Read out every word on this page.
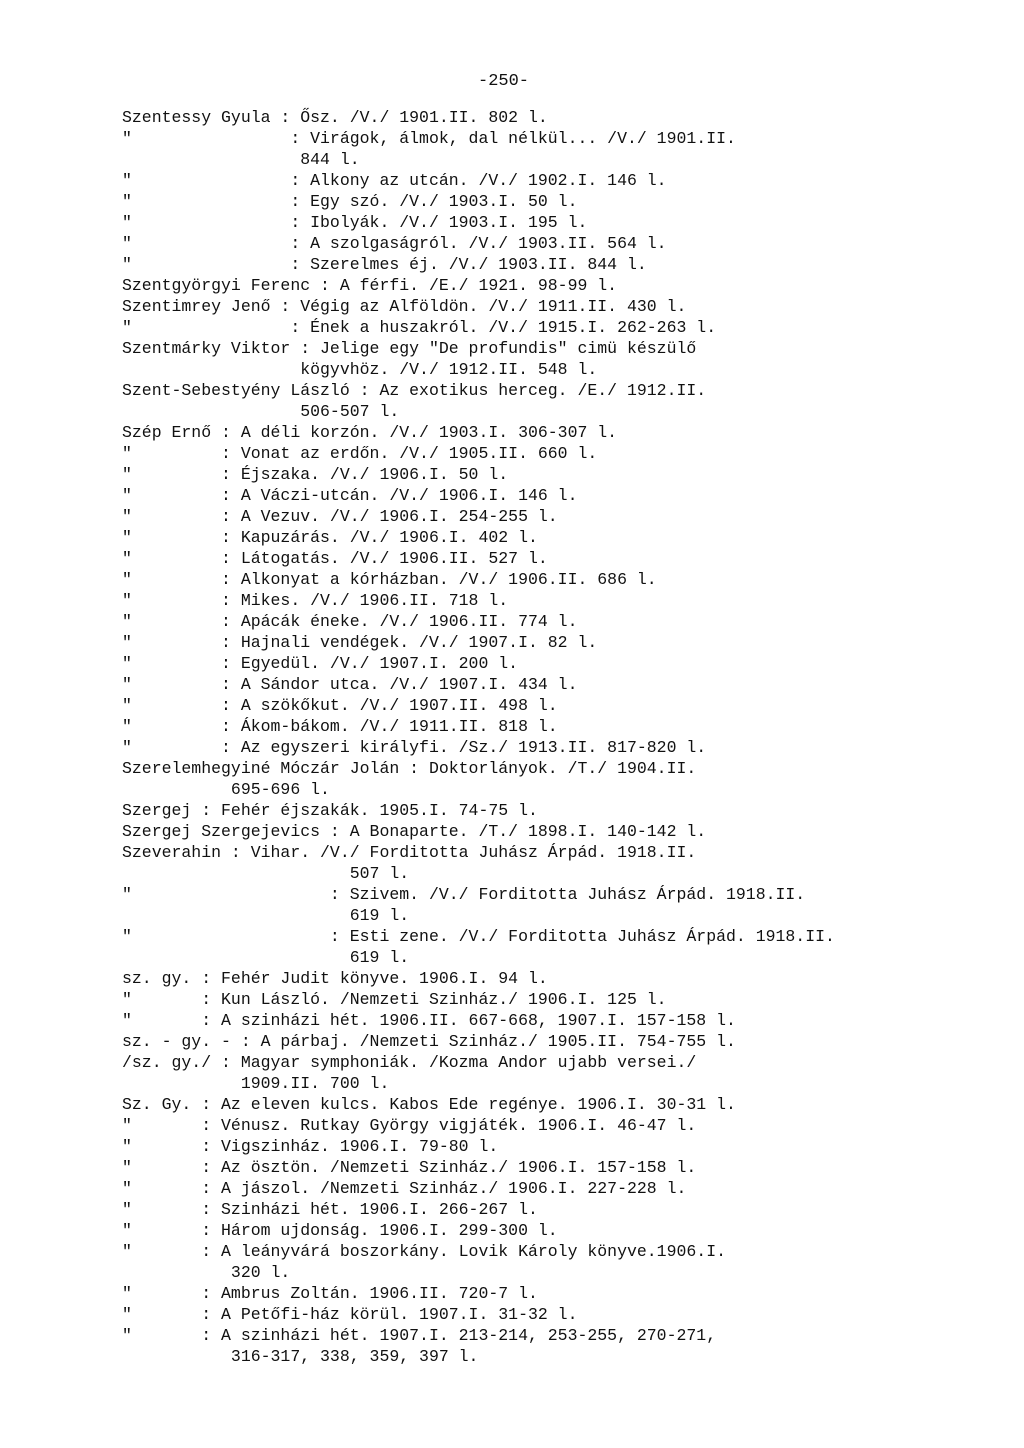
-250-
Szentessy Gyula : Ősz. /V./ 1901.II. 802 l.
"                : Virágok, álmok, dal nélkül... /V./ 1901.II.
844 l.
"                : Alkony az utcán. /V./ 1902.I. 146 l.
"                : Egy szó. /V./ 1903.I. 50 l.
"                : Ibolyák. /V./ 1903.I. 195 l.
"                : A szolgaságról. /V./ 1903.II. 564 l.
"                : Szerelmes éj. /V./ 1903.II. 844 l.
Szentgyörgyi Ferenc : A férfi. /E./ 1921. 98-99 l.
Szentimrey Jenő : Végig az Alföldön. /V./ 1911.II. 430 l.
"                : Ének a huszakról. /V./ 1915.I. 262-263 l.
Szentmárky Viktor : Jelige egy "De profundis" cimü készülő
kögyvhöz. /V./ 1912.II. 548 l.
Szent-Sebestyény László : Az exotikus herceg. /E./ 1912.II.
506-507 l.
Szép Ernő : A déli korzón. /V./ 1903.I. 306-307 l.
"         : Vonat az erdőn. /V./ 1905.II. 660 l.
"         : Éjszaka. /V./ 1906.I. 50 l.
"         : A Váczi-utcán. /V./ 1906.I. 146 l.
"         : A Vezuv. /V./ 1906.I. 254-255 l.
"         : Kapuzárás. /V./ 1906.I. 402 l.
"         : Látogatás. /V./ 1906.II. 527 l.
"         : Alkonyat a kórházban. /V./ 1906.II. 686 l.
"         : Mikes. /V./ 1906.II. 718 l.
"         : Apácák éneke. /V./ 1906.II. 774 l.
"         : Hajnali vendégek. /V./ 1907.I. 82 l.
"         : Egyedül. /V./ 1907.I. 200 l.
"         : A Sándor utca. /V./ 1907.I. 434 l.
"         : A szökőkut. /V./ 1907.II. 498 l.
"         : Ákom-bákom. /V./ 1911.II. 818 l.
"         : Az egyszeri királyfi. /Sz./ 1913.II. 817-820 l.
Szerelemhegyiné Móczár Jolán : Doktorlányok. /T./ 1904.II.
695-696 l.
Szergej : Fehér éjszakák. 1905.I. 74-75 l.
Szergej Szergejevics : A Bonaparte. /T./ 1898.I. 140-142 l.
Szeverahin : Vihar. /V./ Forditotta Juhász Árpád. 1918.II.
507 l.
"                    : Szivem. /V./ Forditotta Juhász Árpád. 1918.II.
619 l.
"                    : Esti zene. /V./ Forditotta Juhász Árpád. 1918.II.
619 l.
sz. gy. : Fehér Judit könyve. 1906.I. 94 l.
"       : Kun László. /Nemzeti Szinház./ 1906.I. 125 l.
"       : A szinházi hét. 1906.II. 667-668, 1907.I. 157-158 l.
sz. - gy. - : A párbaj. /Nemzeti Szinház./ 1905.II. 754-755 l.
/sz. gy./ : Magyar symphoniák. /Kozma Andor ujabb versei./
1909.II. 700 l.
Sz. Gy. : Az eleven kulcs. Kabos Ede regénye. 1906.I. 30-31 l.
"       : Vénusz. Rutkay György vigjáték. 1906.I. 46-47 l.
"       : Vigszinház. 1906.I. 79-80 l.
"       : Az ösztön. /Nemzeti Szinház./ 1906.I. 157-158 l.
"       : A jászol. /Nemzeti Szinház./ 1906.I. 227-228 l.
"       : Szinházi hét. 1906.I. 266-267 l.
"       : Három ujdonság. 1906.I. 299-300 l.
"       : A leányvárá boszorkány. Lovik Károly könyve.1906.I.
320 l.
"       : Ambrus Zoltán. 1906.II. 720-7 l.
"       : A Petőfi-ház körül. 1907.I. 31-32 l.
"       : A szinházi hét. 1907.I. 213-214, 253-255, 270-271,
316-317, 338, 359, 397 l.
